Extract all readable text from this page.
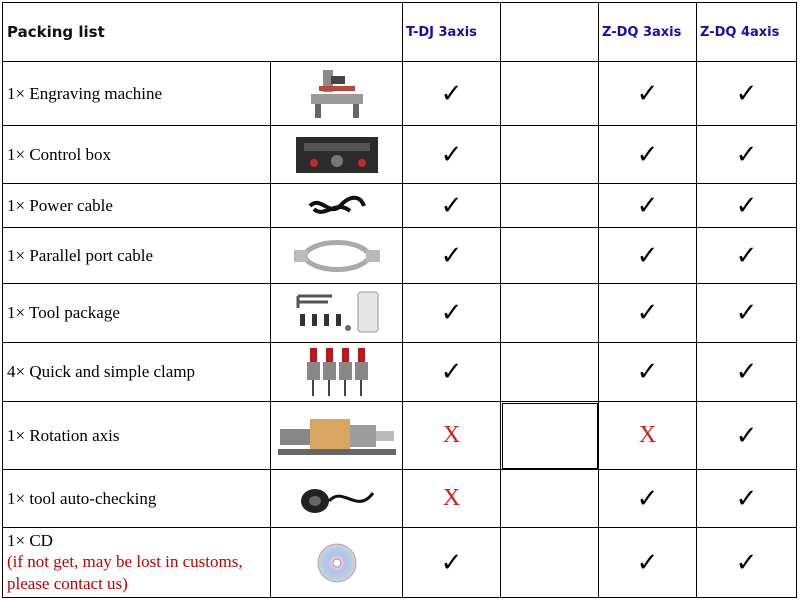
Packing list		T-DJ 3axis		Z-DQ 3axis	Z-DQ 4axis
1× Engraving machine		✓		✓	✓
1× Control box		✓		✓	✓
1× Power cable		✓		✓	✓
1× Parallel port cable		✓		✓	✓
1× Tool package		✓		✓	✓
4× Quick and simple clamp		✓		✓	✓
1× Rotation axis		X		X	✓
1× tool auto-checking		X		✓	✓
1× CD
(if not get, may be lost in customs, please contact us)		✓		✓	✓
